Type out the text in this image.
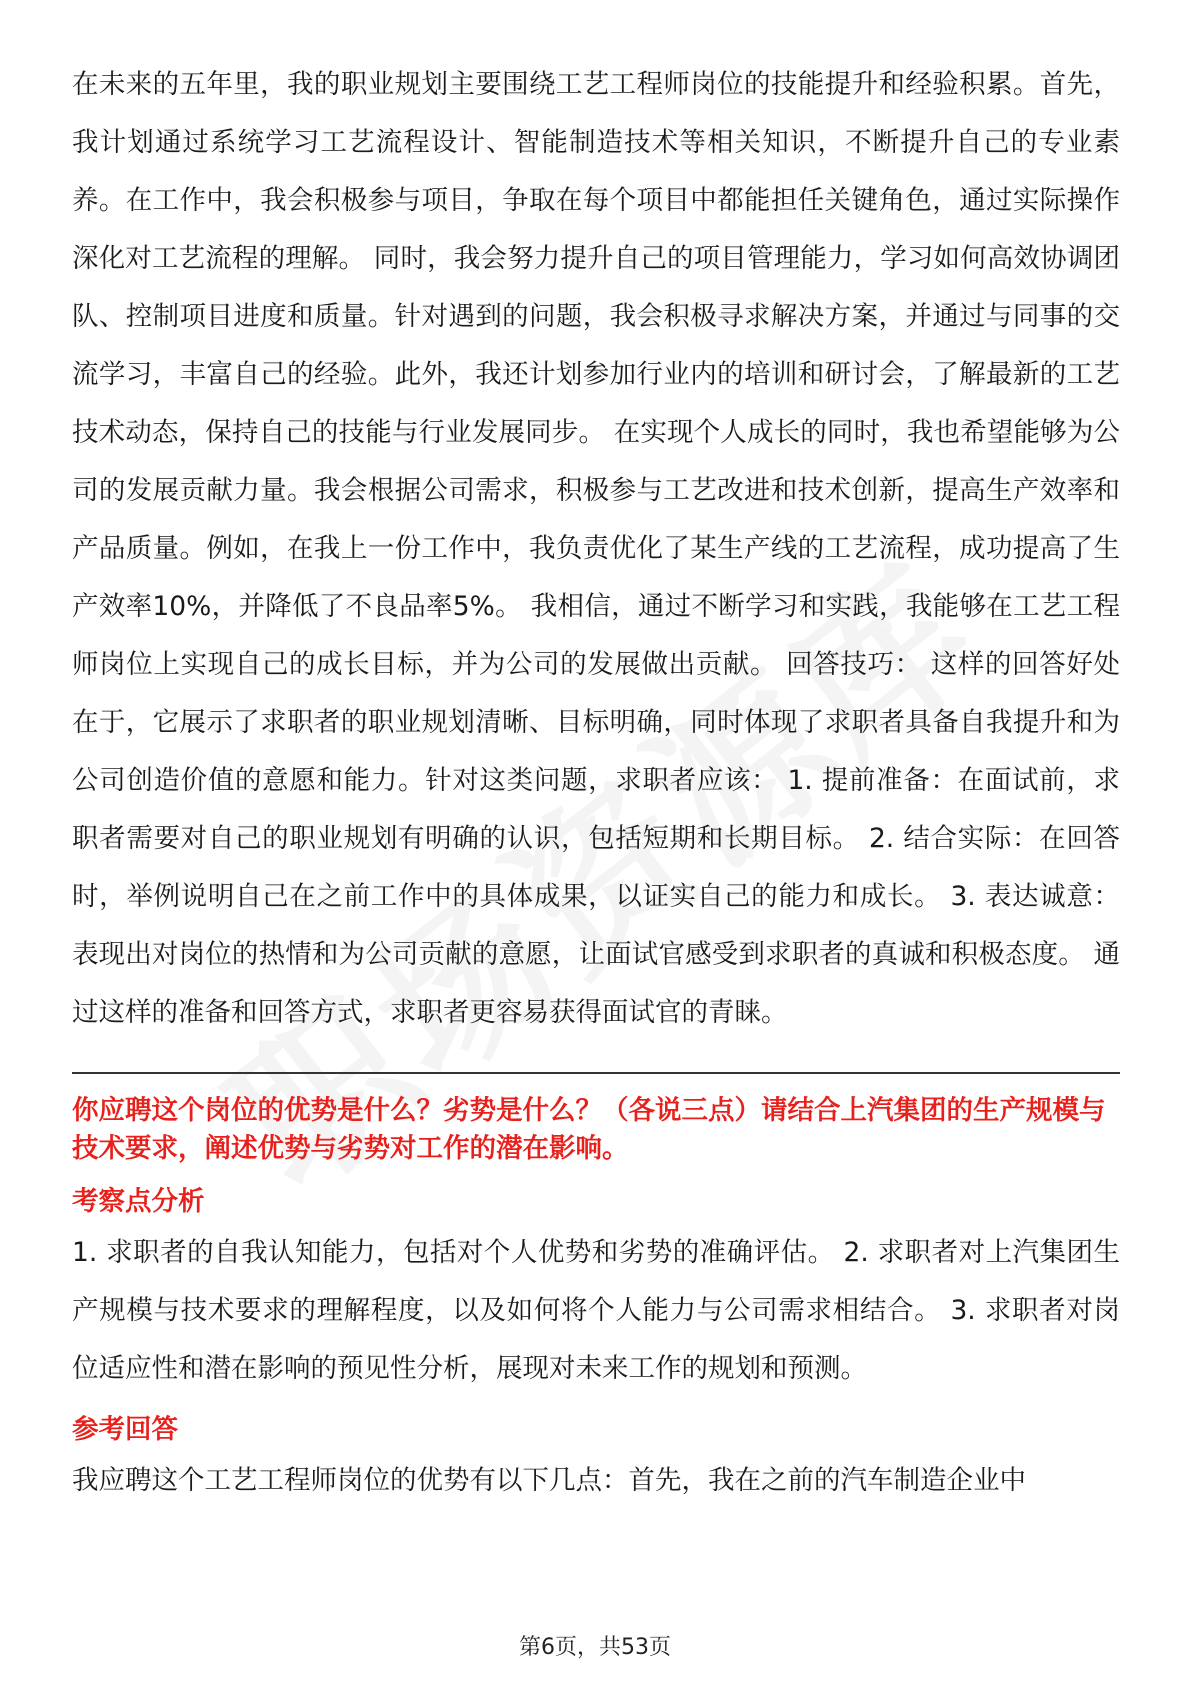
在未来的五年里，我的职业规划主要围绕工艺工程师岗位的技能提升和经验积累。首先，我计划通过系统学习工艺流程设计、智能制造技术等相关知识，不断提升自己的专业素养。在工作中，我会积极参与项目，争取在每个项目中都能担任关键角色，通过实际操作深化对工艺流程的理解。 同时，我会努力提升自己的项目管理能力，学习如何高效协调团队、控制项目进度和质量。针对遇到的问题，我会积极寻求解决方案，并通过与同事的交流学习，丰富自己的经验。此外，我还计划参加行业内的培训和研讨会，了解最新的工艺技术动态，保持自己的技能与行业发展同步。 在实现个人成长的同时，我也希望能够为公司的发展贡献力量。我会根据公司需求，积极参与工艺改进和技术创新，提高生产效率和产品质量。例如，在我上一份工作中，我负责优化了某生产线的工艺流程，成功提高了生产效率10%，并降低了不良品率5%。 我相信，通过不断学习和实践，我能够在工艺工程师岗位上实现自己的成长目标，并为公司的发展做出贡献。 回答技巧： 这样的回答好处在于，它展示了求职者的职业规划清晰、目标明确，同时体现了求职者具备自我提升和为公司创造价值的意愿和能力。针对这类问题，求职者应该： 1. 提前准备：在面试前，求职者需要对自己的职业规划有明确的认识，包括短期和长期目标。 2. 结合实际：在回答时，举例说明自己在之前工作中的具体成果，以证实自己的能力和成长。 3. 表达诚意：表现出对岗位的热情和为公司贡献的意愿，让面试官感受到求职者的真诚和积极态度。 通过这样的准备和回答方式，求职者更容易获得面试官的青睐。

你应聘这个岗位的优势是什么？劣势是什么？（各说三点）请结合上汽集团的生产规模与技术要求，阐述优势与劣势对工作的潜在影响。

考察点分析

1. 求职者的自我认知能力，包括对个人优势和劣势的准确评估。 2. 求职者对上汽集团生产规模与技术要求的理解程度，以及如何将个人能力与公司需求相结合。 3. 求职者对岗位适应性和潜在影响的预见性分析，展现对未来工作的规划和预测。

参考回答

我应聘这个工艺工程师岗位的优势有以下几点：首先，我在之前的汽车制造企业中

第6页，共53页
